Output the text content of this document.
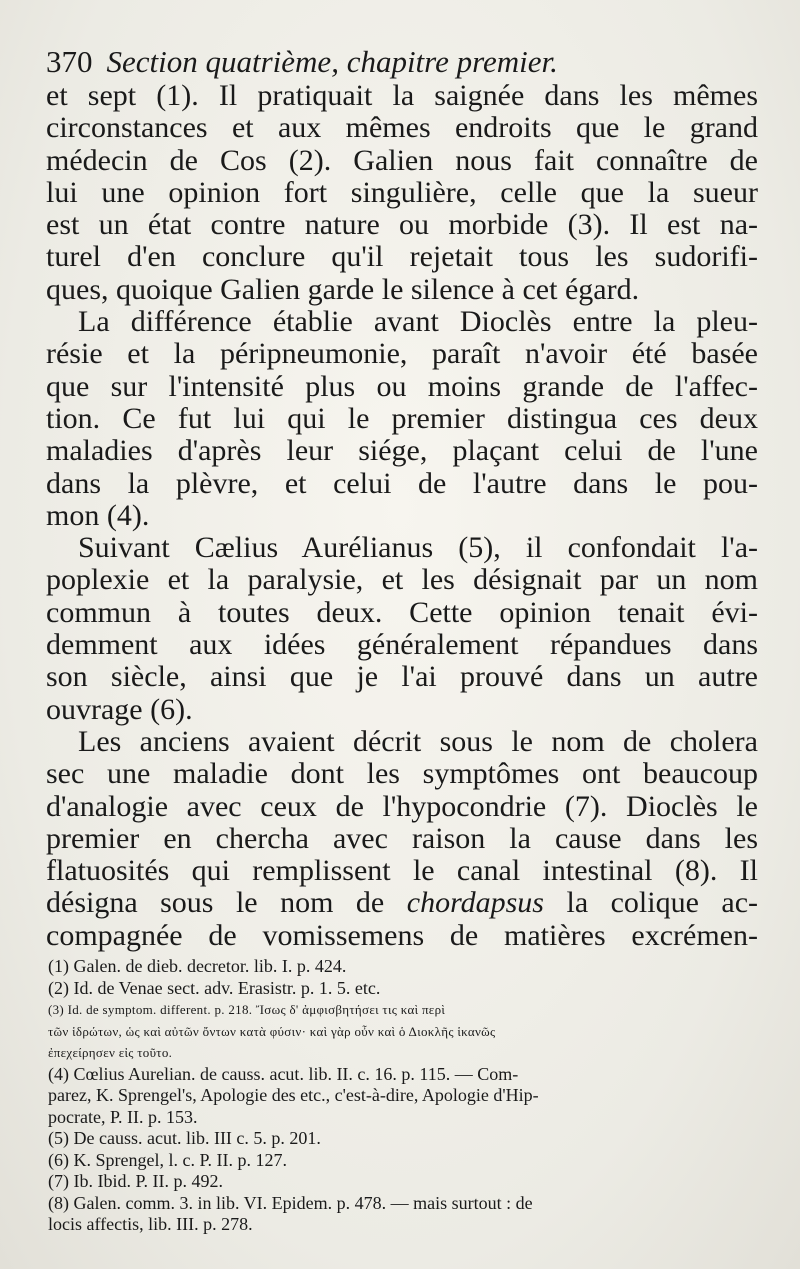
370 Section quatrième, chapitre premier.
et sept (1). Il pratiquait la saignée dans les mêmes
circonstances et aux mêmes endroits que le grand
médecin de Cos (2). Galien nous fait connaître de
lui une opinion fort singulière, celle que la sueur
est un état contre nature ou morbide (3). Il est na-
turel d'en conclure qu'il rejetait tous les sudorifi-
ques, quoique Galien garde le silence à cet égard.
La différence établie avant Dioclès entre la pleu-
résie et la péripneumonie, paraît n'avoir été basée
que sur l'intensité plus ou moins grande de l'affec-
tion. Ce fut lui qui le premier distingua ces deux
maladies d'après leur siége, plaçant celui de l'une
dans la plèvre, et celui de l'autre dans le pou-
mon (4).
Suivant Cælius Aurélianus (5), il confondait l'a-
poplexie et la paralysie, et les désignait par un nom
commun à toutes deux. Cette opinion tenait évi-
demment aux idées généralement répandues dans
son siècle, ainsi que je l'ai prouvé dans un autre
ouvrage (6).
Les anciens avaient décrit sous le nom de cholera
sec une maladie dont les symptômes ont beaucoup
d'analogie avec ceux de l'hypocondrie (7). Dioclès le
premier en chercha avec raison la cause dans les
flatuosités qui remplissent le canal intestinal (8). Il
désigna sous le nom de chordapsus la colique ac-
compagnée de vomissemens de matières excrémen-
(1) Galen. de dieb. decretor. lib. I. p. 424.
(2) Id. de Venae sect. adv. Erasistr. p. 1. 5. etc.
(3) Id. de symptom. different. p. 218. Ἴσως δ' ἀμφισβητήσει τις καὶ περὶ
τῶν ἱδρώτων, ὡς καὶ αὐτῶν ὄντων κατὰ φύσιν· καὶ γὰρ οὖν καὶ ὁ Διοκλῆς ἱκανῶς
ἐπεχείρησεν εἰς τοῦτο.
(4) Cœlius Aurelian. de causs. acut. lib. II. c. 16. p. 115. — Com-
parez, K. Sprengel's, Apologie des etc., c'est-à-dire, Apologie d'Hip-
pocrate, P. II. p. 153.
(5) De causs. acut. lib. III c. 5. p. 201.
(6) K. Sprengel, l. c. P. II. p. 127.
(7) Ib. Ibid. P. II. p. 492.
(8) Galen. comm. 3. in lib. VI. Epidem. p. 478. — mais surtout : de
locis affectis, lib. III. p. 278.
